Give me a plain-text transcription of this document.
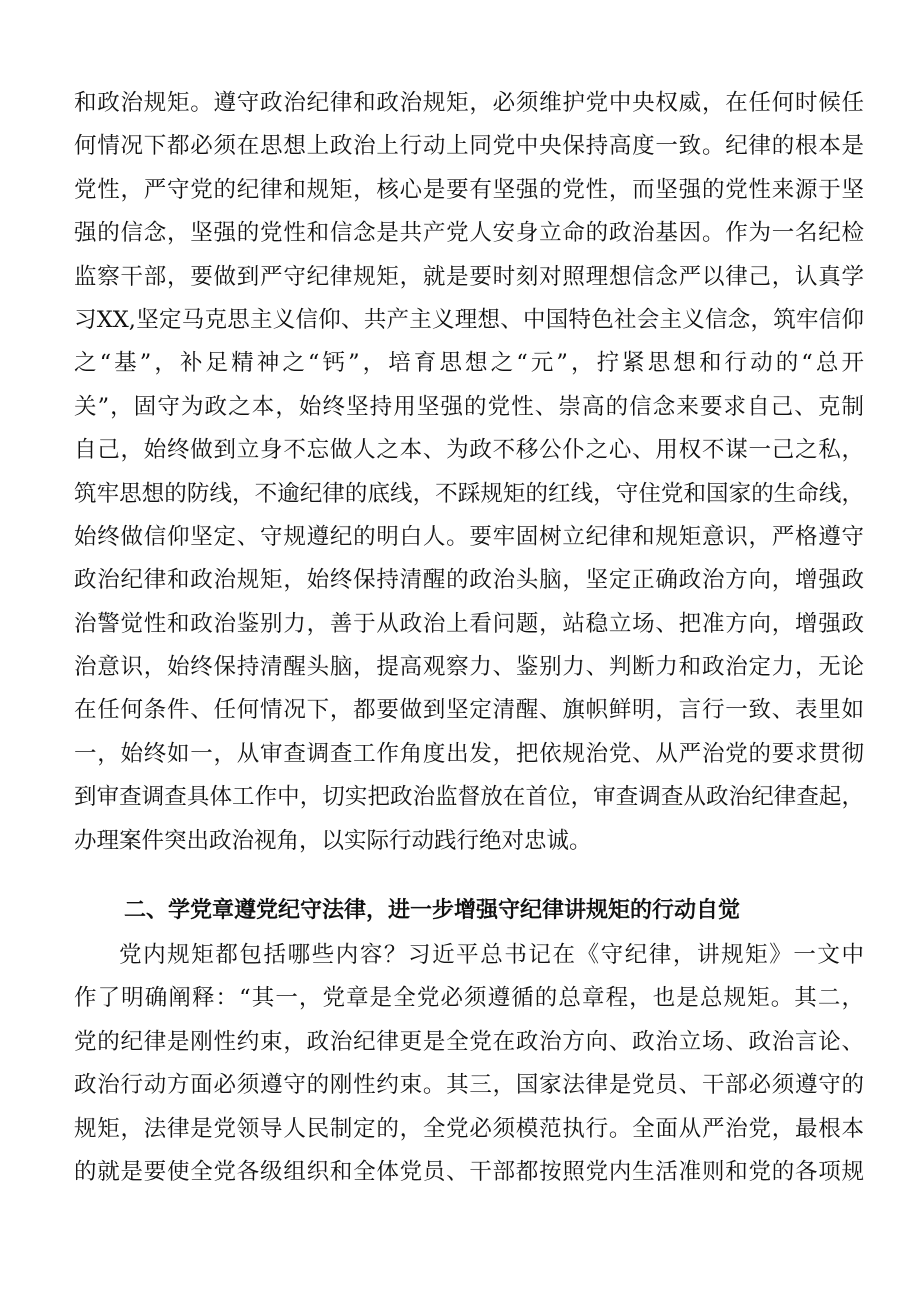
和政治规矩。遵守政治纪律和政治规矩，必须维护党中央权威，在任何时候任
何情况下都必须在思想上政治上行动上同党中央保持高度一致。纪律的根本是
党性，严守党的纪律和规矩，核心是要有坚强的党性，而坚强的党性来源于坚
强的信念，坚强的党性和信念是共产党人安身立命的政治基因。作为一名纪检
监察干部，要做到严守纪律规矩，就是要时刻对照理想信念严以律己，认真学
习XX,坚定马克思主义信仰、共产主义理想、中国特色社会主义信念，筑牢信仰
之“基”，补足精神之“钙”，培育思想之“元”，拧紧思想和行动的“总开
关”，固守为政之本，始终坚持用坚强的党性、崇高的信念来要求自己、克制
自己，始终做到立身不忘做人之本、为政不移公仆之心、用权不谋一己之私，
筑牢思想的防线，不逾纪律的底线，不踩规矩的红线，守住党和国家的生命线，
始终做信仰坚定、守规遵纪的明白人。要牢固树立纪律和规矩意识，严格遵守
政治纪律和政治规矩，始终保持清醒的政治头脑，坚定正确政治方向，增强政
治警觉性和政治鉴别力，善于从政治上看问题，站稳立场、把准方向，增强政
治意识，始终保持清醒头脑，提高观察力、鉴别力、判断力和政治定力，无论
在任何条件、任何情况下，都要做到坚定清醒、旗帜鲜明，言行一致、表里如
一，始终如一，从审查调查工作角度出发，把依规治党、从严治党的要求贯彻
到审查调查具体工作中，切实把政治监督放在首位，审查调查从政治纪律查起，
办理案件突出政治视角，以实际行动践行绝对忠诚。
二、学党章遵党纪守法律，进一步增强守纪律讲规矩的行动自觉
党内规矩都包括哪些内容？习近平总书记在《守纪律，讲规矩》一文中
作了明确阐释：“其一，党章是全党必须遵循的总章程，也是总规矩。其二，
党的纪律是刚性约束，政治纪律更是全党在政治方向、政治立场、政治言论、
政治行动方面必须遵守的刚性约束。其三，国家法律是党员、干部必须遵守的
规矩，法律是党领导人民制定的，全党必须模范执行。全面从严治党，最根本
的就是要使全党各级组织和全体党员、干部都按照党内生活准则和党的各项规
